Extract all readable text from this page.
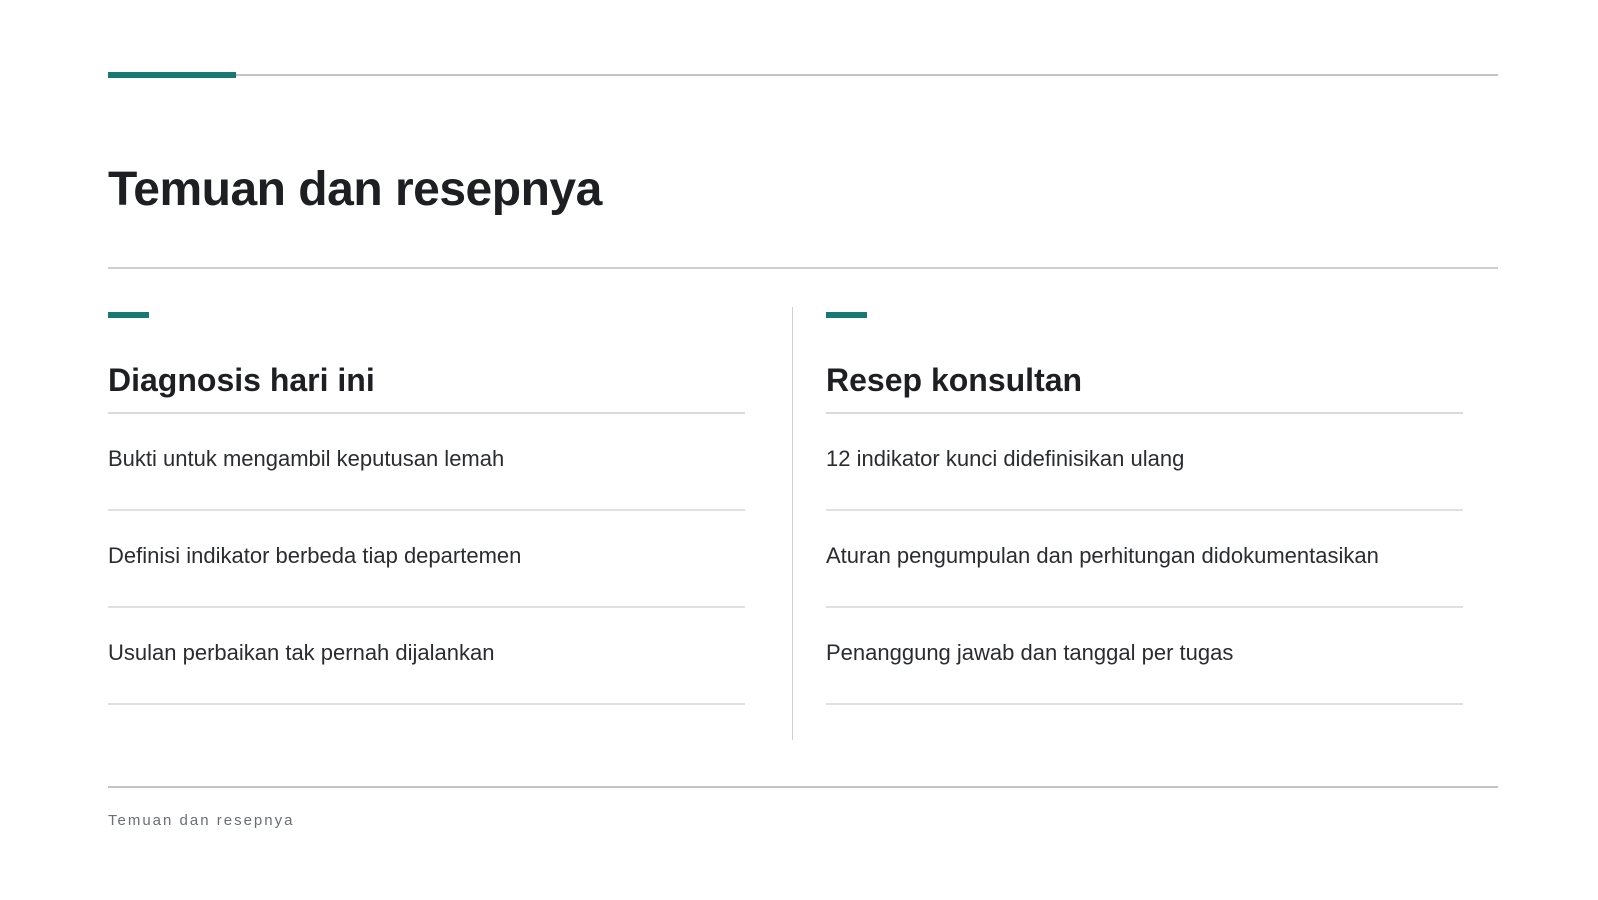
Temuan dan resepnya
Diagnosis hari ini
Bukti untuk mengambil keputusan lemah
Definisi indikator berbeda tiap departemen
Usulan perbaikan tak pernah dijalankan
Resep konsultan
12 indikator kunci didefinisikan ulang
Aturan pengumpulan dan perhitungan didokumentasikan
Penanggung jawab dan tanggal per tugas
Temuan dan resepnya
